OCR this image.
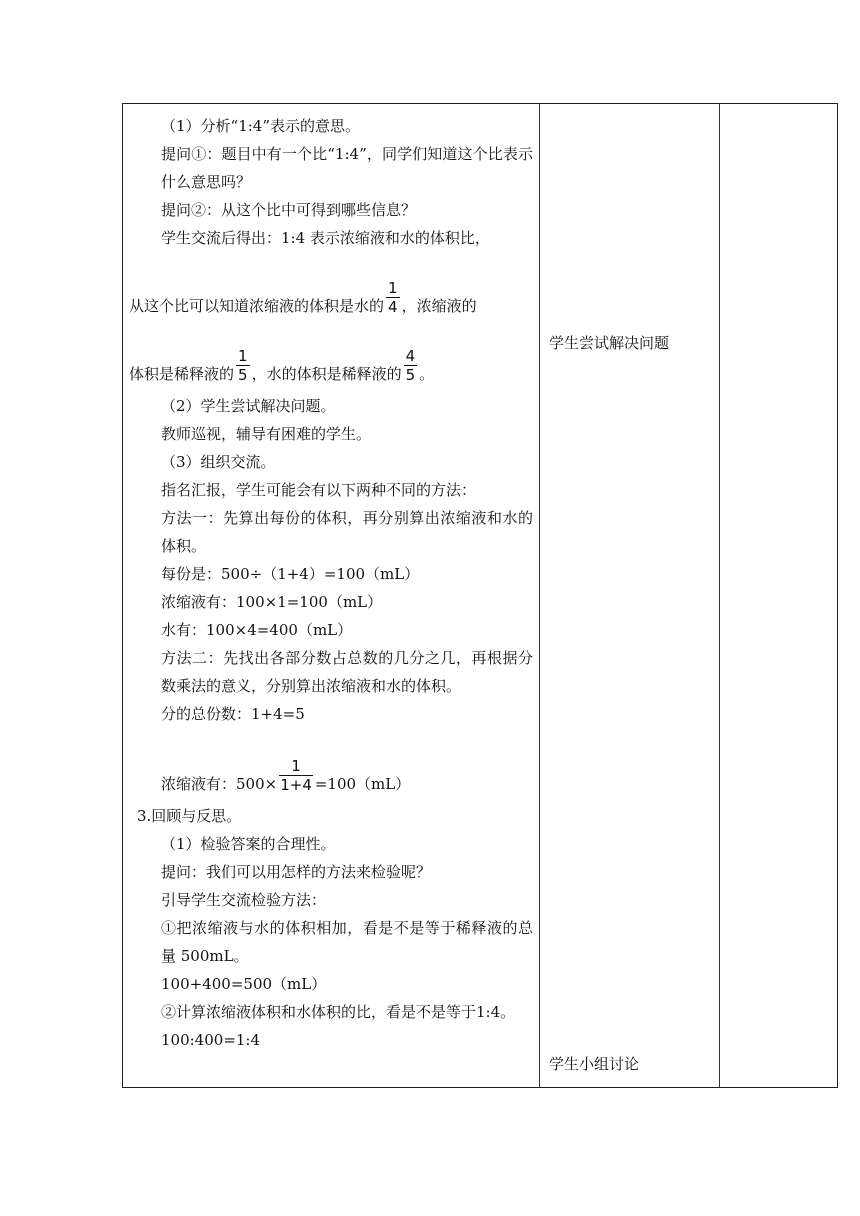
（1）分析“1:4”表示的意思。

提问①：题目中有一个比“1:4”，同学们知道这个比表示什么意思吗？

提问②：从这个比中可得到哪些信息？

学生交流后得出：1:4 表示浓缩液和水的体积比，

从这个比可以知道浓缩液的体积是水的 $\frac{1}{4}$ ，浓缩液的
体积是稀释液的 $\frac{1}{5}$ ，水的体积是稀释液的 $\frac{4}{5}$ 。

（2）学生尝试解决问题。

教师巡视，辅导有困难的学生。

（3）组织交流。

指名汇报，学生可能会有以下两种不同的方法：

方法一：先算出每份的体积，再分别算出浓缩液和水的体积。

每份是：500÷（1+4）=100（mL）

浓缩液有：100×1=100（mL）

水有：100×4=400（mL）

方法二：先找出各部分数占总数的几分之几，再根据分数乘法的意义，分别算出浓缩液和水的体积。

分的总份数：1+4=5

浓缩液有：$500\times \frac{1}{1+4} =100(mL)$

3.回顾与反思。

（1）检验答案的合理性。

提问：我们可以用怎样的方法来检验呢？

引导学生交流检验方法：

①把浓缩液与水的体积相加，看是不是等于稀释液的总量 500mL。

100+400=500（mL）

②计算浓缩液体积和水体积的比，看是不是等于1:4。

100:400=1:4

学生尝试解决问题
学生小组讨论
